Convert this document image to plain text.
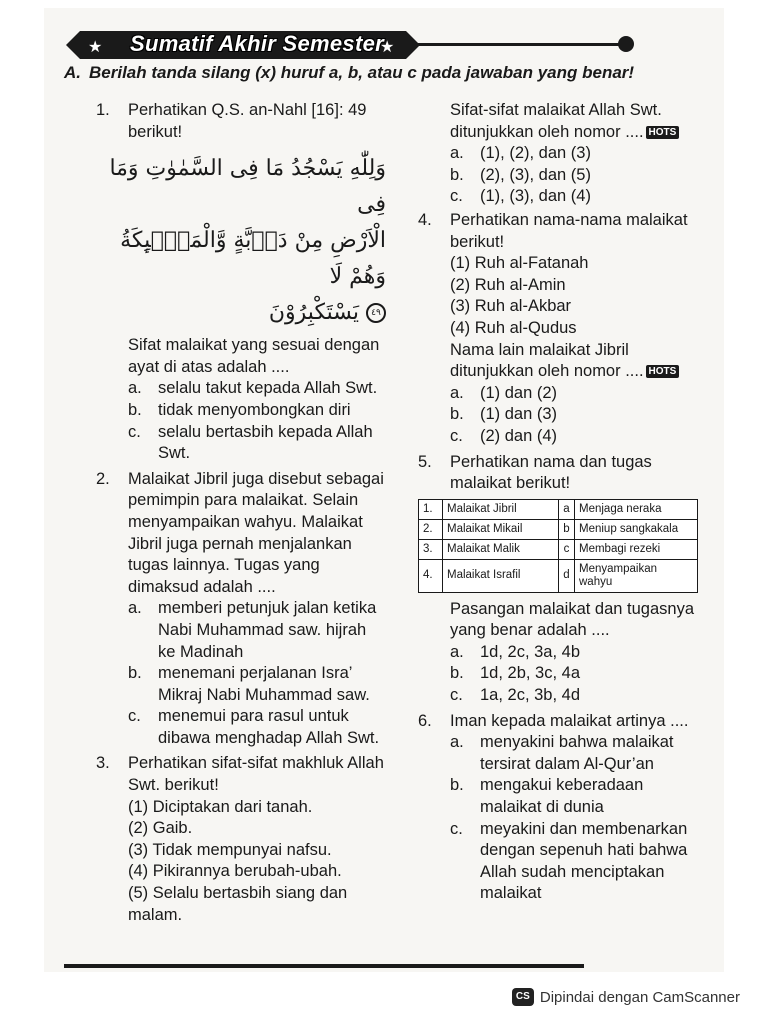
★	★
Sumatif Akhir Semester
A. Berilah tanda silang (x) huruf a, b, atau c pada jawaban yang benar!
1. Perhatikan Q.S. an-Nahl [16]: 49 berikut!
وَلِلّٰهِ يَسْجُدُ مَا فِى السَّمٰوٰتِ وَمَا فِى
الْاَرْضِ مِنْ دَاۤبَّةٍ وَّالْمَلٰۤىِٕكَةُ وَهُمْ لَا
٤٩ يَسْتَكْبِرُوْنَ
Sifat malaikat yang sesuai dengan ayat di atas adalah ....
a. selalu takut kepada Allah Swt.
b. tidak menyombongkan diri
c. selalu bertasbih kepada Allah Swt.
2. Malaikat Jibril juga disebut sebagai pemimpin para malaikat. Selain menyampaikan wahyu. Malaikat Jibril juga pernah menjalankan tugas lainnya. Tugas yang dimaksud adalah ....
a. memberi petunjuk jalan ketika Nabi Muhammad saw. hijrah ke Madinah
b. menemani perjalanan Isra’ Mikraj Nabi Muhammad saw.
c. menemui para rasul untuk dibawa menghadap Allah Swt.
3. Perhatikan sifat-sifat makhluk Allah Swt. berikut!
(1) Diciptakan dari tanah.
(2) Gaib.
(3) Tidak mempunyai nafsu.
(4) Pikirannya berubah-ubah.
(5) Selalu bertasbih siang dan malam.
Sifat-sifat malaikat Allah Swt. ditunjukkan oleh nomor .... HOTS
a. (1), (2), dan (3)
b. (2), (3), dan (5)
c. (1), (3), dan (4)
4. Perhatikan nama-nama malaikat berikut!
(1) Ruh al-Fatanah
(2) Ruh al-Amin
(3) Ruh al-Akbar
(4) Ruh al-Qudus
Nama lain malaikat Jibril ditunjukkan oleh nomor .... HOTS
a. (1) dan (2)
b. (1) dan (3)
c. (2) dan (4)
5. Perhatikan nama dan tugas malaikat berikut!
1.	Malaikat Jibril	a	Menjaga neraka
2.	Malaikat Mikail	b	Meniup sangkakala
3.	Malaikat Malik	c	Membagi rezeki
4.	Malaikat Israfil	d	Menyampaikan wahyu
Pasangan malaikat dan tugasnya yang benar adalah ....
a. 1d, 2c, 3a, 4b
b. 1d, 2b, 3c, 4a
c. 1a, 2c, 3b, 4d
6. Iman kepada malaikat artinya ....
a. menyakini bahwa malaikat tersirat dalam Al-Qur’an
b. mengakui keberadaan malaikat di dunia
c. meyakini dan membenarkan dengan sepenuh hati bahwa Allah sudah menciptakan malaikat
CS Dipindai dengan CamScanner
